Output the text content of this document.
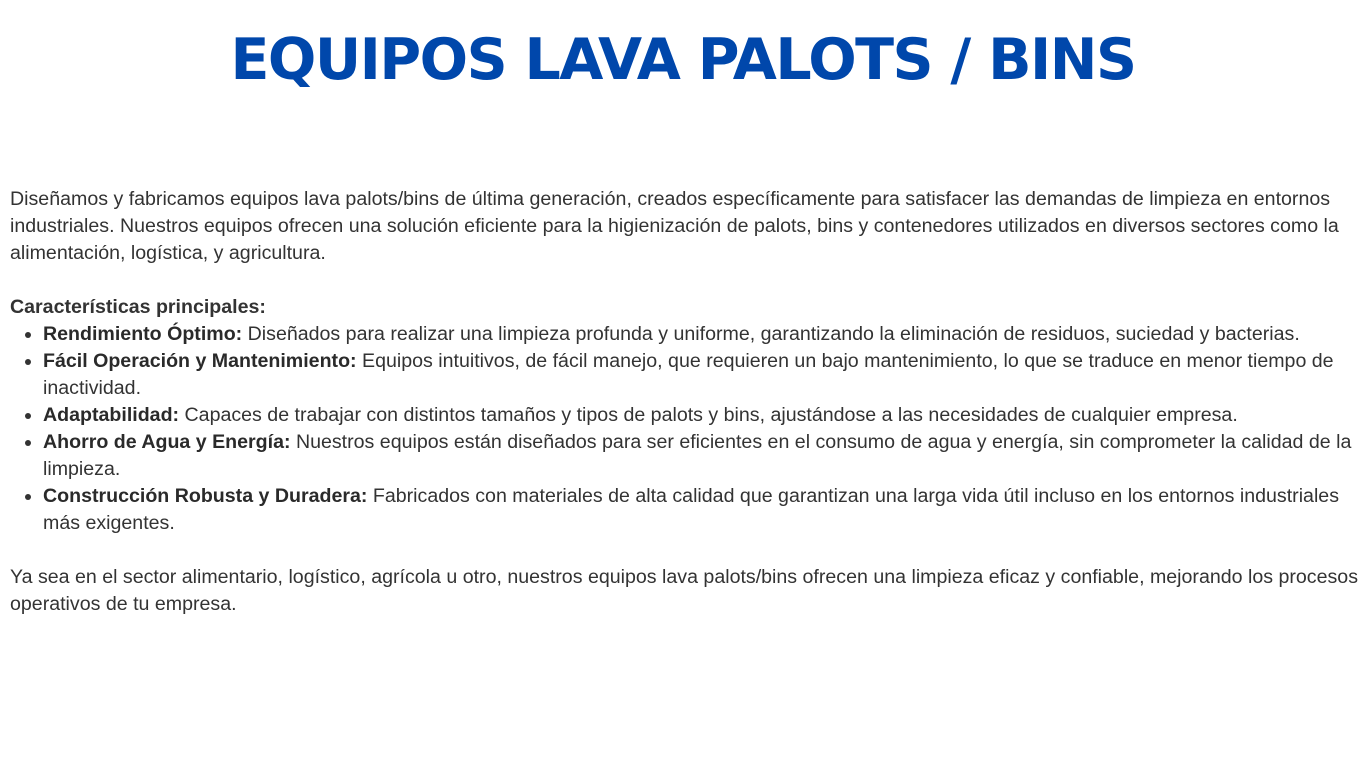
EQUIPOS LAVA PALOTS / BINS

Diseñamos y fabricamos equipos lava palots/bins de última generación, creados específicamente para satisfacer las demandas de limpieza en entornos industriales. Nuestros equipos ofrecen una solución eficiente para la higienización de palots, bins y contenedores utilizados en diversos sectores como la alimentación, logística, y agricultura.

Características principales:

• Rendimiento Óptimo: Diseñados para realizar una limpieza profunda y uniforme, garantizando la eliminación de residuos, suciedad y bacterias.
• Fácil Operación y Mantenimiento: Equipos intuitivos, de fácil manejo, que requieren un bajo mantenimiento, lo que se traduce en menor tiempo de inactividad.
• Adaptabilidad: Capaces de trabajar con distintos tamaños y tipos de palots y bins, ajustándose a las necesidades de cualquier empresa.
• Ahorro de Agua y Energía: Nuestros equipos están diseñados para ser eficientes en el consumo de agua y energía, sin comprometer la calidad de la limpieza.
• Construcción Robusta y Duradera: Fabricados con materiales de alta calidad que garantizan una larga vida útil incluso en los entornos industriales más exigentes.

Ya sea en el sector alimentario, logístico, agrícola u otro, nuestros equipos lava palots/bins ofrecen una limpieza eficaz y confiable, mejorando los procesos operativos de tu empresa.
